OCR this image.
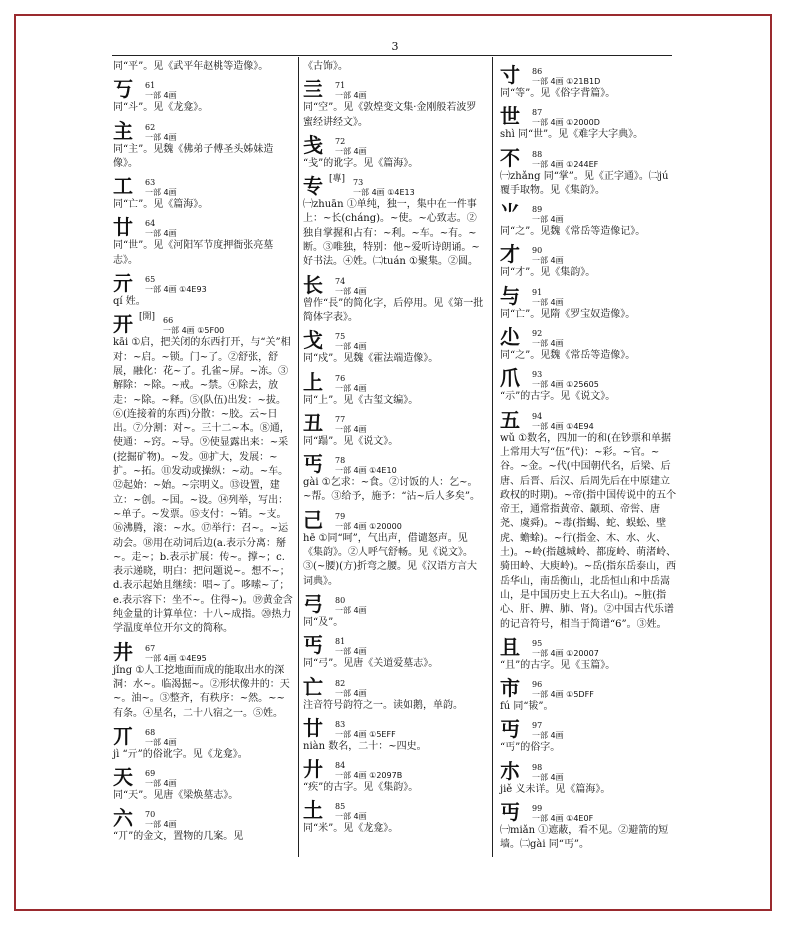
3

同“平”。见《武平年赵桃等造像》。

丂	61
一部 4画

同“斗”。见《龙龛》。

主	62
一部 4画

同“主”。见魏《佛弟子傅圣头姊妹造像》。

工	63
一部 4画

同“亡”。见《篇海》。

廿	64
一部 4画

同“世”。见《河阳军节度押衙张亮墓志》。

亓	65
一部 4画 ①4E93

qí 姓。

开 [開] 66
一部 4画 ①5F00

kāi ①启，把关闭的东西打开，与“关”相对：~启。~锁。门~了。②舒张，舒展，融化：花~了。孔雀~屏。~冻。③解除：~除。~戒。~禁。④除去，放走：~除。~释。⑤(队伍)出发：~拔。⑥(连接着的东西)分散：~胶。云~日出。⑦分割：对~。三十二~本。⑧通，使通：~窍。~导。⑨使显露出来：~采(挖掘矿物)。~发。⑩扩大，发展：~扩。~拓。⑪发动或操纵：~动。~车。⑫起始：~始。~宗明义。⑬设置，建立：~创。~国。~设。⑭列举，写出：~单子。~发票。⑮支付：~销。~支。⑯沸腾，滚：~水。⑰举行：召~。~运动会。⑱用在动词后边(a.表示分离：掰~。走~；b.表示扩展：传~。撑~；c.表示递晓，明白：把问题说~。想不~；d.表示起始且继续：唱~了。哆嗦~了；e.表示容下：坐不~。住得~)。⑲黄金含纯金量的计算单位：十八~成指。⑳热力学温度单位开尔文的简称。

井	67
一部 4画 ①4E95

jǐng ①人工挖地面而成的能取出水的深洞：水~。临渴掘~。②形状像井的：天~。油~。③整齐，有秩序：~然。~~有条。④星名，二十八宿之一。⑤姓。

丌	68
一部 4画

jì “亓”的俗讹字。见《龙龛》。

天	69
一部 4画

同“天”。见唐《梁焕墓志》。

六	70
一部 4画

“丌”的金文，置物的几案。见

《古饰》。

亖	71
一部 4画

同“空”。见《敦煌变文集·金刚般若波罗蜜经讲经文》。

戋	72
一部 4画

“戋”的讹字。见《篇海》。

专 [專] 73
一部 4画 ①4E13

㈠zhuān ①单纯，独一，集中在一件事上：~长(cháng)。~使。~心致志。②独自掌握和占有：~利。~车。~有。~断。③唯独，特别：他~爱听诗朗诵。~好书法。④姓。㈡tuán ①聚集。②圆。

长	74
一部 4画

曾作“長”的简化字，后停用。见《第一批简体字表》。

戈	75
一部 4画

同“戍”。见魏《霍法端造像》。

上	76
一部 4画

同“上”。见《古玺文编》。

丑	77
一部 4画

同“蹋”。见《说文》。

丐	78
一部 4画 ①4E10

gài ①乞求：~食。②讨饭的人：乞~。~帮。③给予，施予：“沾~后人多矣”。

己	79
一部 4画 ①20000

hē ①同“呵”，气出声，借谴怒声。见《集韵》。②人呼气舒畅。见《说文》。③(~腰)(方)折弯之腰。见《汉语方言大词典》。

弓	80
一部 4画

同“及”。

丐	81
一部 4画

同“弓”。见唐《关道爱墓志》。

亡	82
一部 4画

注音符号韵符之一。读如鹅，单韵。

廿	83
一部 4画 ①5EFF

niàn 数名，二十：~四史。

廾	84
一部 4画 ①2097B

“疾”的古字。见《集韵》。

土	85
一部 4画

同“米”。见《龙龛》。

寸	86
一部 4画 ①21B1D

同“等”。见《俗字背篇》。

世	87
一部 4画 ①2000D

shì 同“世”。见《难字大字典》。

不	88
一部 4画 ①244EF

㈠zhǎng 同“掌”。见《正字通》。㈡jú 覆手取物。见《集韵》。

⺌	89
一部 4画

同“之”。见魏《常岳等造像记》。

才	90
一部 4画

同“才”。见《集韵》。

与	91
一部 4画

同“亡”。见隋《罗宝奴造像》。

尐	92
一部 4画

同“之”。见魏《常岳等造像》。

爪	93
一部 4画 ①25605

“示”的古字。见《说文》。

五	94
一部 4画 ①4E94

wǔ ①数名，四加一的和(在钞票和单据上常用大写“伍”代)：~彩。~官。~谷。~金。~代(中国朝代名，后梁、后唐、后晋、后汉、后周先后在中原建立政权的时期)。~帝(指中国传说中的五个帝王，通常指黄帝、颛顼、帝喾、唐尧、虞舜)。~毒(指蝎、蛇、蜈蚣、壁虎、蟾蜍)。~行(指金、木、水、火、土)。~岭(指越城岭、都庞岭、萌渚岭、骑田岭、大庾岭)。~岳(指东岳泰山，西岳华山，南岳衡山，北岳恒山和中岳嵩山，是中国历史上五大名山)。~脏(指心、肝、脾、肺、肾)。②中国古代乐谱的记音符号，相当于简谱“6”。③姓。

且	95
一部 4画 ①20007

“且”的古字。见《玉篇》。

市	96
一部 4画 ①5DFF

fú 同“韨”。

丏	97
一部 4画

“丐”的俗字。

朩	98
一部 4画

jiě 义未详。见《篇海》。

丏	99
一部 4画 ①4E0F

㈠miǎn ①遮蔽，看不见。②避箭的短墙。㈡gài 同“丐”。
